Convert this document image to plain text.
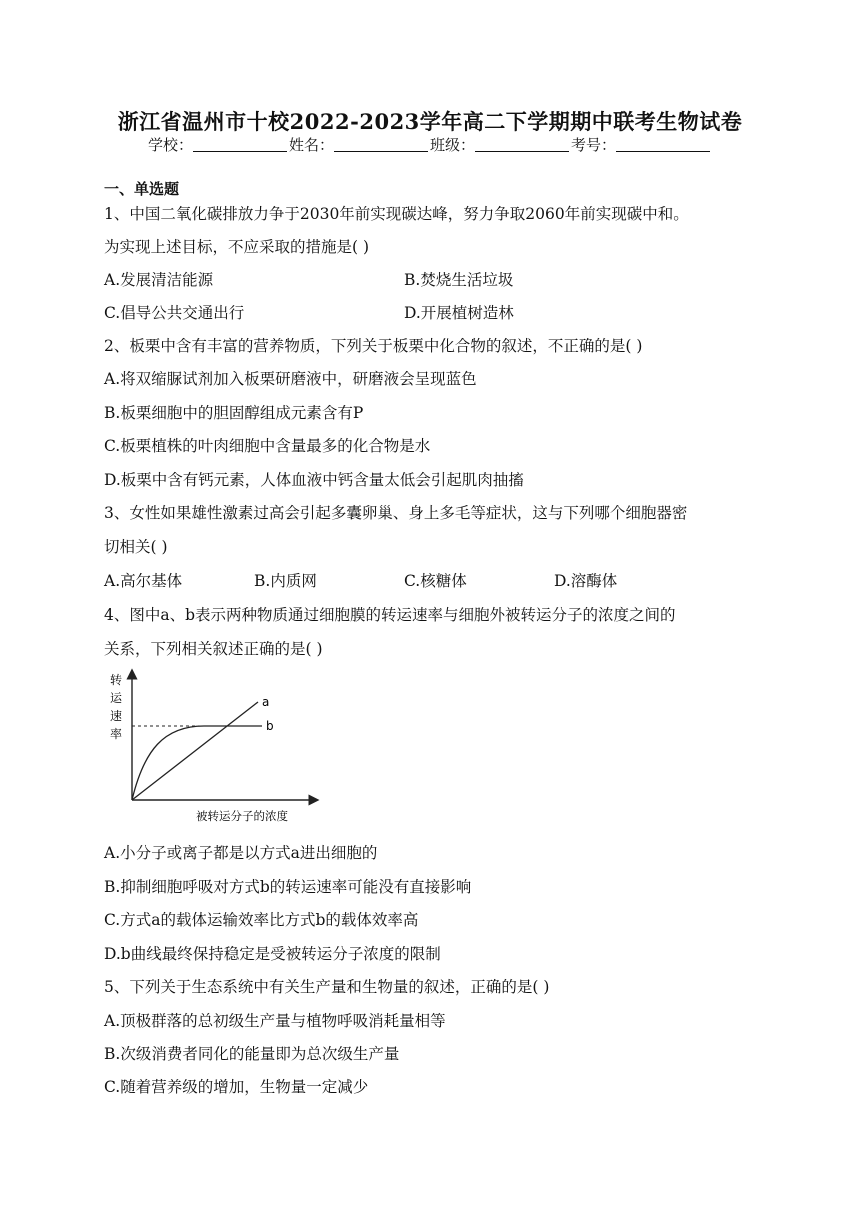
浙江省温州市十校2022-2023学年高二下学期期中联考生物试卷
学校：	姓名：	班级：	考号：
一、单选题
1、中国二氧化碳排放力争于2030年前实现碳达峰，努力争取2060年前实现碳中和。
为实现上述目标，不应采取的措施是( )
A.发展清洁能源	B.焚烧生活垃圾
C.倡导公共交通出行	D.开展植树造林
2、板栗中含有丰富的营养物质，下列关于板栗中化合物的叙述，不正确的是( )
A.将双缩脲试剂加入板栗研磨液中，研磨液会呈现蓝色
B.板栗细胞中的胆固醇组成元素含有P
C.板栗植株的叶肉细胞中含量最多的化合物是水
D.板栗中含有钙元素，人体血液中钙含量太低会引起肌肉抽搐
3、女性如果雄性激素过高会引起多囊卵巢、身上多毛等症状，这与下列哪个细胞器密
切相关( )
A.高尔基体	B.内质网	C.核糖体	D.溶酶体
4、图中a、b表示两种物质通过细胞膜的转运速率与细胞外被转运分子的浓度之间的
关系，下列相关叙述正确的是( )
转
运
速
率
a
b
被转运分子的浓度
A.小分子或离子都是以方式a进出细胞的
B.抑制细胞呼吸对方式b的转运速率可能没有直接影响
C.方式a的载体运输效率比方式b的载体效率高
D.b曲线最终保持稳定是受被转运分子浓度的限制
5、下列关于生态系统中有关生产量和生物量的叙述，正确的是( )
A.顶极群落的总初级生产量与植物呼吸消耗量相等
B.次级消费者同化的能量即为总次级生产量
C.随着营养级的增加，生物量一定减少
